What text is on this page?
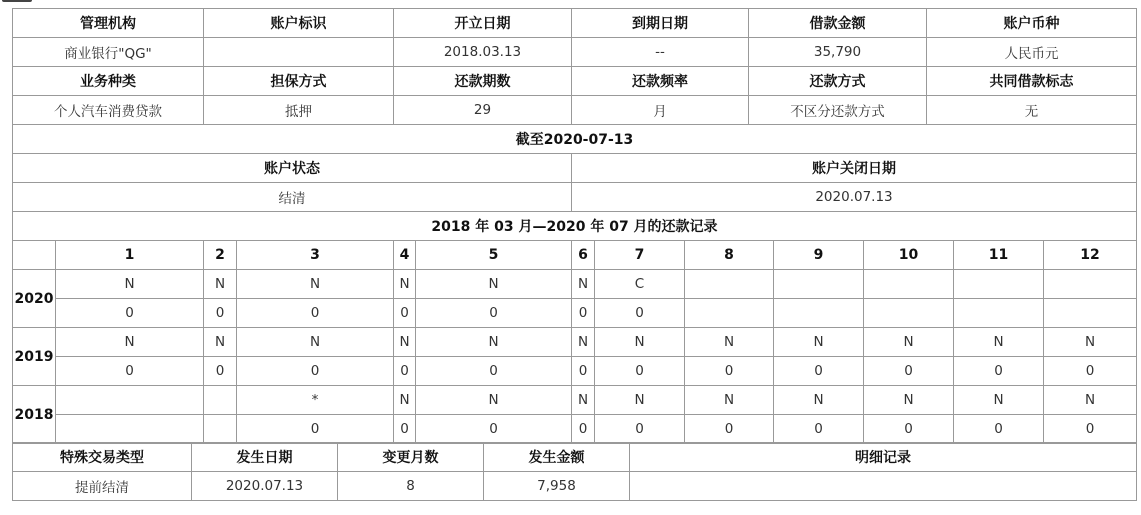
管理机构		账户标识		开立日期		到期日期			借款金额			账户币种		
商业银行"QG"				2018.03.13		--			35,790			人民币元		
业务种类		担保方式		还款期数		还款频率			还款方式			共同借款标志		
个人汽车消费贷款		抵押		29		月			不区分还款方式			无		
截至2020-07-13														
账户状态						账户关闭日期								
结清						2020.07.13								
2018 年 03 月—2020 年 07 月的还款记录														
	1	2	3	4	5	6	7	8		9	10		11	12
2020	N	N	N	N	N	N	C							
	0	0	0	0	0	0	0							
2019	N	N	N	N	N	N	N	N		N	N		N	N
	0	0	0	0	0	0	0	0		0	0		0	0
2018			*	N	N	N	N	N		N	N		N	N
			0	0	0	0	0	0		0	0		0	0
特殊交易类型	发生日期	变更月数	发生金额	明细记录
提前结清	2020.07.13	8	7,958	
